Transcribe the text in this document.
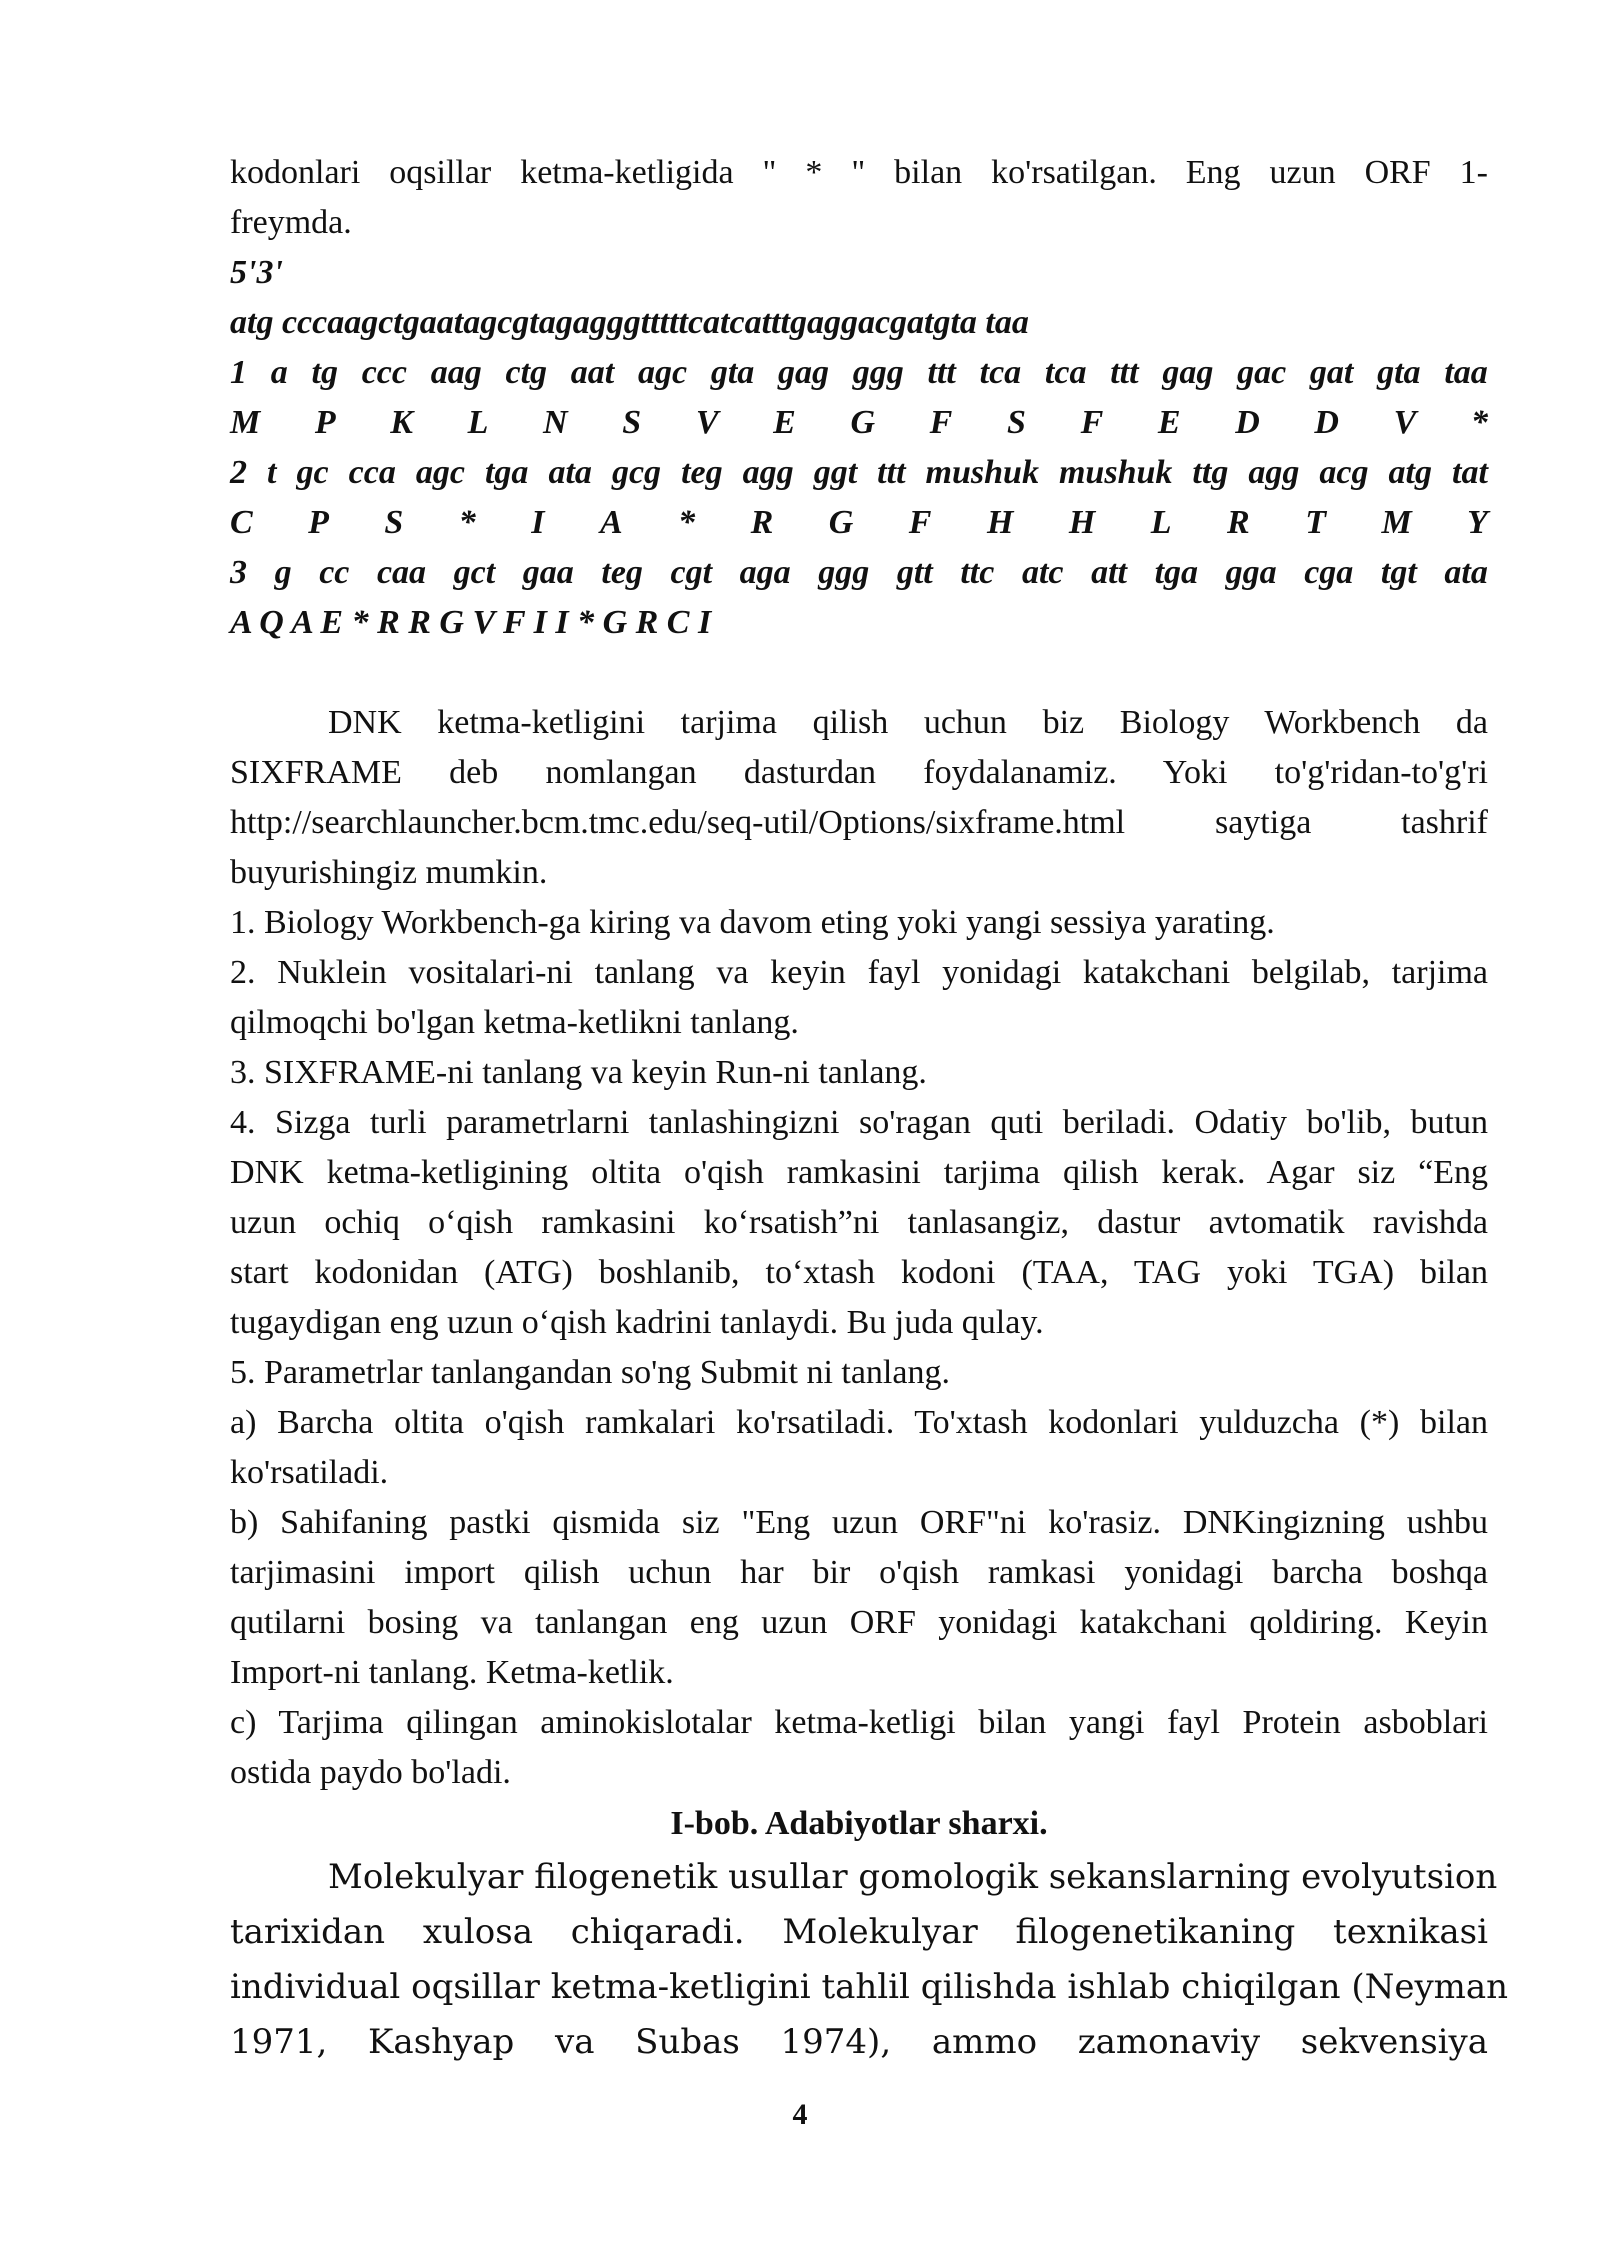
kodonlari oqsillar ketma-ketligida " * " bilan ko'rsatilgan. Eng uzun ORF 1-
freymda.
5'3'
atg cccaagctgaatagcgtagagggtttttcatcatttgaggacgatgta taa
1 a tg ccc aag ctg aat agc gta gag ggg ttt tca tca ttt gag gac gat gta taa
M P K L N S V E G F S F E D D V *
2 t gc cca agc tga ata gcg teg agg ggt ttt mushuk mushuk ttg agg acg atg tat
C P S * I A * R G F H H L R T M Y
3 g cc caa gct gaa teg cgt aga ggg gtt ttc atc att tga gga cga tgt ata
A Q A E * R R G V F I I * G R C I
DNK ketma-ketligini tarjima qilish uchun biz Biology Workbench da
SIXFRAME deb nomlangan dasturdan foydalanamiz. Yoki to'g'ridan-to'g'ri
http://searchlauncher.bcm.tmc.edu/seq-util/Options/sixframe.html saytiga tashrif
buyurishingiz mumkin.
1. Biology Workbench-ga kiring va davom eting yoki yangi sessiya yarating.
2. Nuklein vositalari-ni tanlang va keyin fayl yonidagi katakchani belgilab, tarjima
qilmoqchi bo'lgan ketma-ketlikni tanlang.
3. SIXFRAME-ni tanlang va keyin Run-ni tanlang.
4. Sizga turli parametrlarni tanlashingizni so'ragan quti beriladi. Odatiy bo'lib, butun
DNK ketma-ketligining oltita o'qish ramkasini tarjima qilish kerak. Agar siz “Eng
uzun ochiq o‘qish ramkasini ko‘rsatish”ni tanlasangiz, dastur avtomatik ravishda
start kodonidan (ATG) boshlanib, to‘xtash kodoni (TAA, TAG yoki TGA) bilan
tugaydigan eng uzun o‘qish kadrini tanlaydi. Bu juda qulay.
5. Parametrlar tanlangandan so'ng Submit ni tanlang.
a) Barcha oltita o'qish ramkalari ko'rsatiladi. To'xtash kodonlari yulduzcha (*) bilan
ko'rsatiladi.
b) Sahifaning pastki qismida siz "Eng uzun ORF"ni ko'rasiz. DNKingizning ushbu
tarjimasini import qilish uchun har bir o'qish ramkasi yonidagi barcha boshqa
qutilarni bosing va tanlangan eng uzun ORF yonidagi katakchani qoldiring. Keyin
Import-ni tanlang. Ketma-ketlik.
c) Tarjima qilingan aminokislotalar ketma-ketligi bilan yangi fayl Protein asboblari
ostida paydo bo'ladi.
I-bob. Adabiyotlar sharxi.
Molekulyar filogenetik usullar gomologik sekanslarning evolyutsion
tarixidan xulosa chiqaradi. Molekulyar filogenetikaning texnikasi
individual oqsillar ketma-ketligini tahlil qilishda ishlab chiqilgan (Neyman
1971, Kashyap va Subas 1974), ammo zamonaviy sekvensiya
4
